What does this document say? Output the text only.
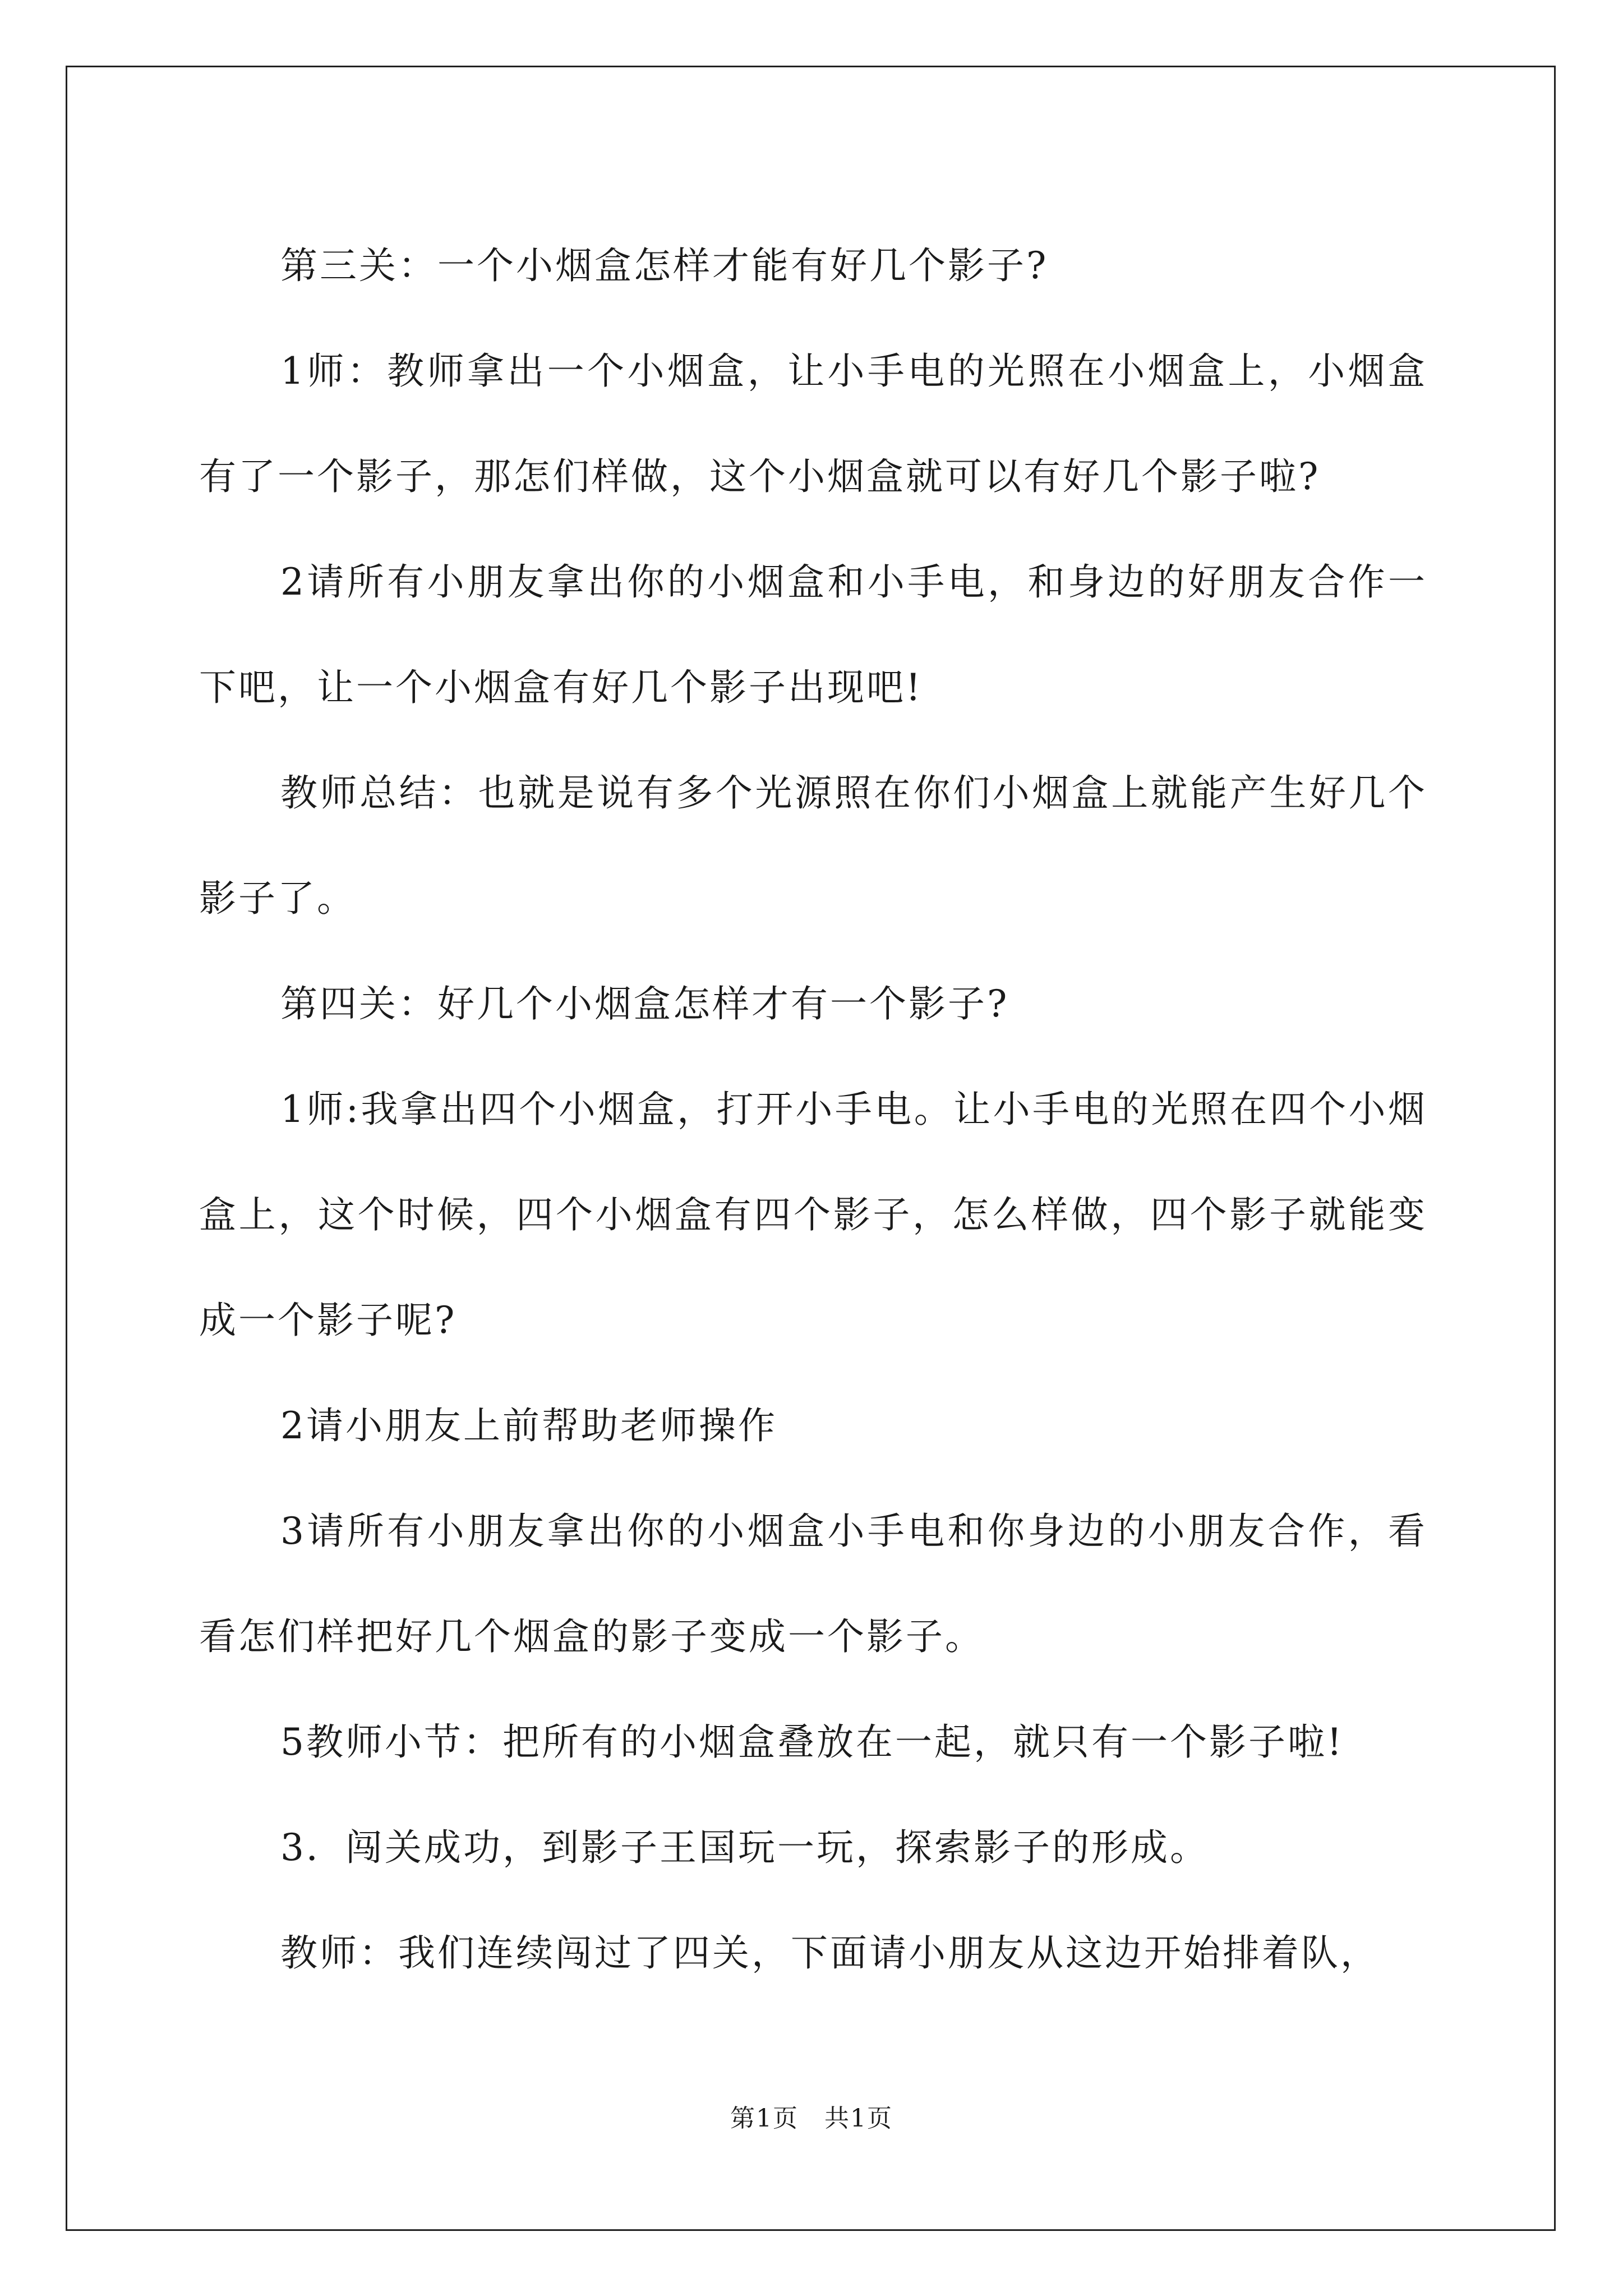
第三关：一个小烟盒怎样才能有好几个影子?

1师：教师拿出一个小烟盒，让小手电的光照在小烟盒上，小烟盒有了一个影子，那怎们样做，这个小烟盒就可以有好几个影子啦?

2请所有小朋友拿出你的小烟盒和小手电，和身边的好朋友合作一下吧，让一个小烟盒有好几个影子出现吧!

教师总结：也就是说有多个光源照在你们小烟盒上就能产生好几个影子了。

第四关：好几个小烟盒怎样才有一个影子?

1师:我拿出四个小烟盒，打开小手电。让小手电的光照在四个小烟盒上，这个时候，四个小烟盒有四个影子，怎么样做，四个影子就能变成一个影子呢?

2请小朋友上前帮助老师操作

3请所有小朋友拿出你的小烟盒小手电和你身边的小朋友合作，看看怎们样把好几个烟盒的影子变成一个影子。

5教师小节：把所有的小烟盒叠放在一起，就只有一个影子啦!

3．闯关成功，到影子王国玩一玩，探索影子的形成。

教师：我们连续闯过了四关，下面请小朋友从这边开始排着队，

第1页　共1页
